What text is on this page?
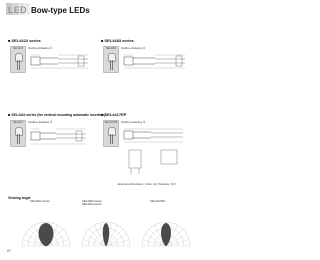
LED Bow-type LEDs
■ SEL4423 series
SEL4423	Outline drawing ①
■ SEL4483 series
SEL4483	Outline drawing ②
■ SEL4424 series (for vertical mounting automatic insertion)
SEL4424	Outline drawing ③
■ SEL4417EP
SEL4417EP Outline drawing ④
■ General dimensions : Units: mm Tolerance: ±0.3
Viewing angle
SEL4423 series	SEL4483 series
SEL4424 series
SEL4417EP
87
